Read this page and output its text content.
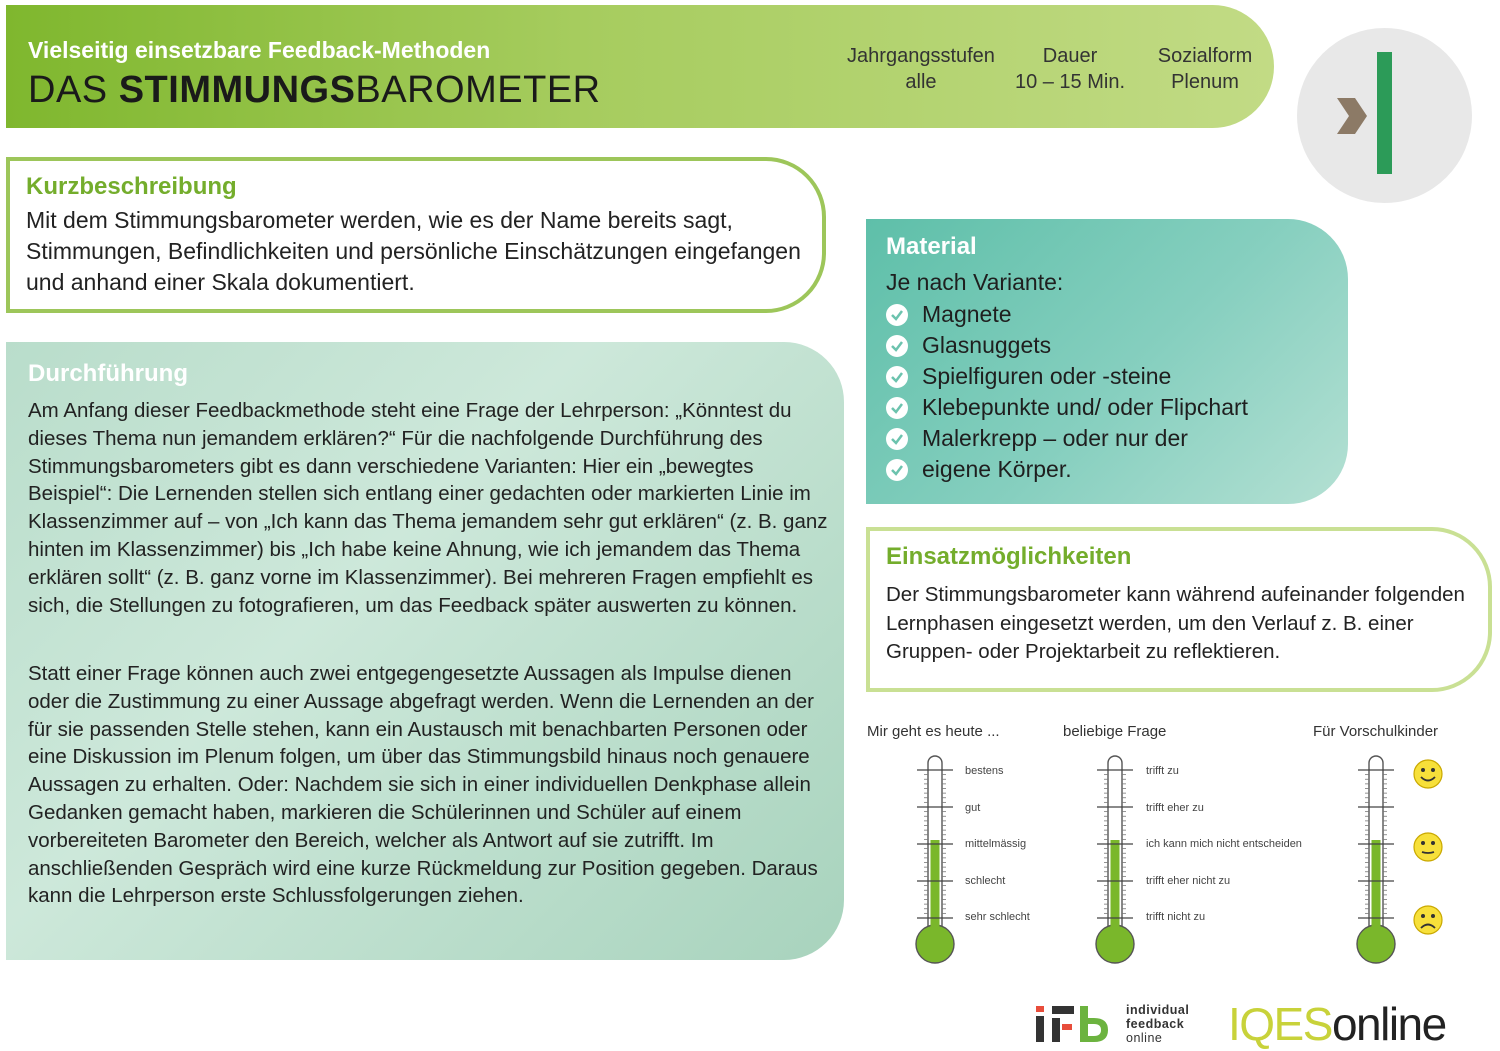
Vielseitig einsetzbare Feedback-Methoden
DAS STIMMUNGSBAROMETER
Jahrgangsstufen
alle
Dauer
10 – 15 Min.
Sozialform
Plenum
Kurzbeschreibung

Mit dem Stimmungsbarometer werden, wie es der Name bereits sagt, Stimmungen, Befindlichkeiten und persönliche Einschätzungen eingefangen und anhand einer Skala dokumentiert.

Durchführung

Am Anfang dieser Feedbackmethode steht eine Frage der Lehrperson: „Könntest du dieses Thema nun jemandem erklären?“ Für die nachfolgende Durchführung des Stimmungsbarometers gibt es dann verschiedene Varianten: Hier ein „bewegtes Beispiel“: Die Lernenden stellen sich entlang einer gedachten oder markierten Linie im Klassenzimmer auf – von „Ich kann das Thema jemandem sehr gut erklären“ (z. B. ganz hinten im Klassenzimmer) bis „Ich habe keine Ahnung, wie ich jemandem das Thema erklären sollt“ (z. B. ganz vorne im Klassenzimmer). Bei mehreren Fragen empfiehlt es sich, die Stellungen zu fotografieren, um das Feedback später auswerten zu können.

Statt einer Frage können auch zwei entgegengesetzte Aussagen als Impulse dienen oder die Zustimmung zu einer Aussage abgefragt werden. Wenn die Lernenden an der für sie passenden Stelle stehen, kann ein Austausch mit benachbarten Personen oder eine Diskussion im Plenum folgen, um über das Stimmungsbild hinaus noch genauere Aussagen zu erhalten. Oder: Nachdem sie sich in einer individuellen Denkphase allein Gedanken gemacht haben, markieren die Schülerinnen und Schüler auf einem vorbereiteten Barometer den Bereich, welcher als Antwort auf sie zutrifft. Im anschließenden Gespräch wird eine kurze Rückmeldung zur Position gegeben. Daraus kann die Lehrperson erste Schlussfolgerungen ziehen.

Material
Je nach Variante:
Magnete
Glasnuggets
Spielfiguren oder -steine
Klebepunkte und/ oder Flipchart
Malerkrepp – oder nur der
eigene Körper.
Einsatzmöglichkeiten

Der Stimmungsbarometer kann während aufeinander folgenden Lernphasen eingesetzt werden, um den Verlauf z. B. einer Gruppen- oder Projektarbeit zu reflektieren.

Mir geht es heute ...	beliebige Frage	Für Vorschulkinder
bestens
gut
mittelmässig
schlecht
sehr schlecht
trifft zu
trifft eher zu
ich kann mich nicht entscheiden
trifft eher nicht zu
trifft nicht zu
individual
feedback
online	IQESonline
